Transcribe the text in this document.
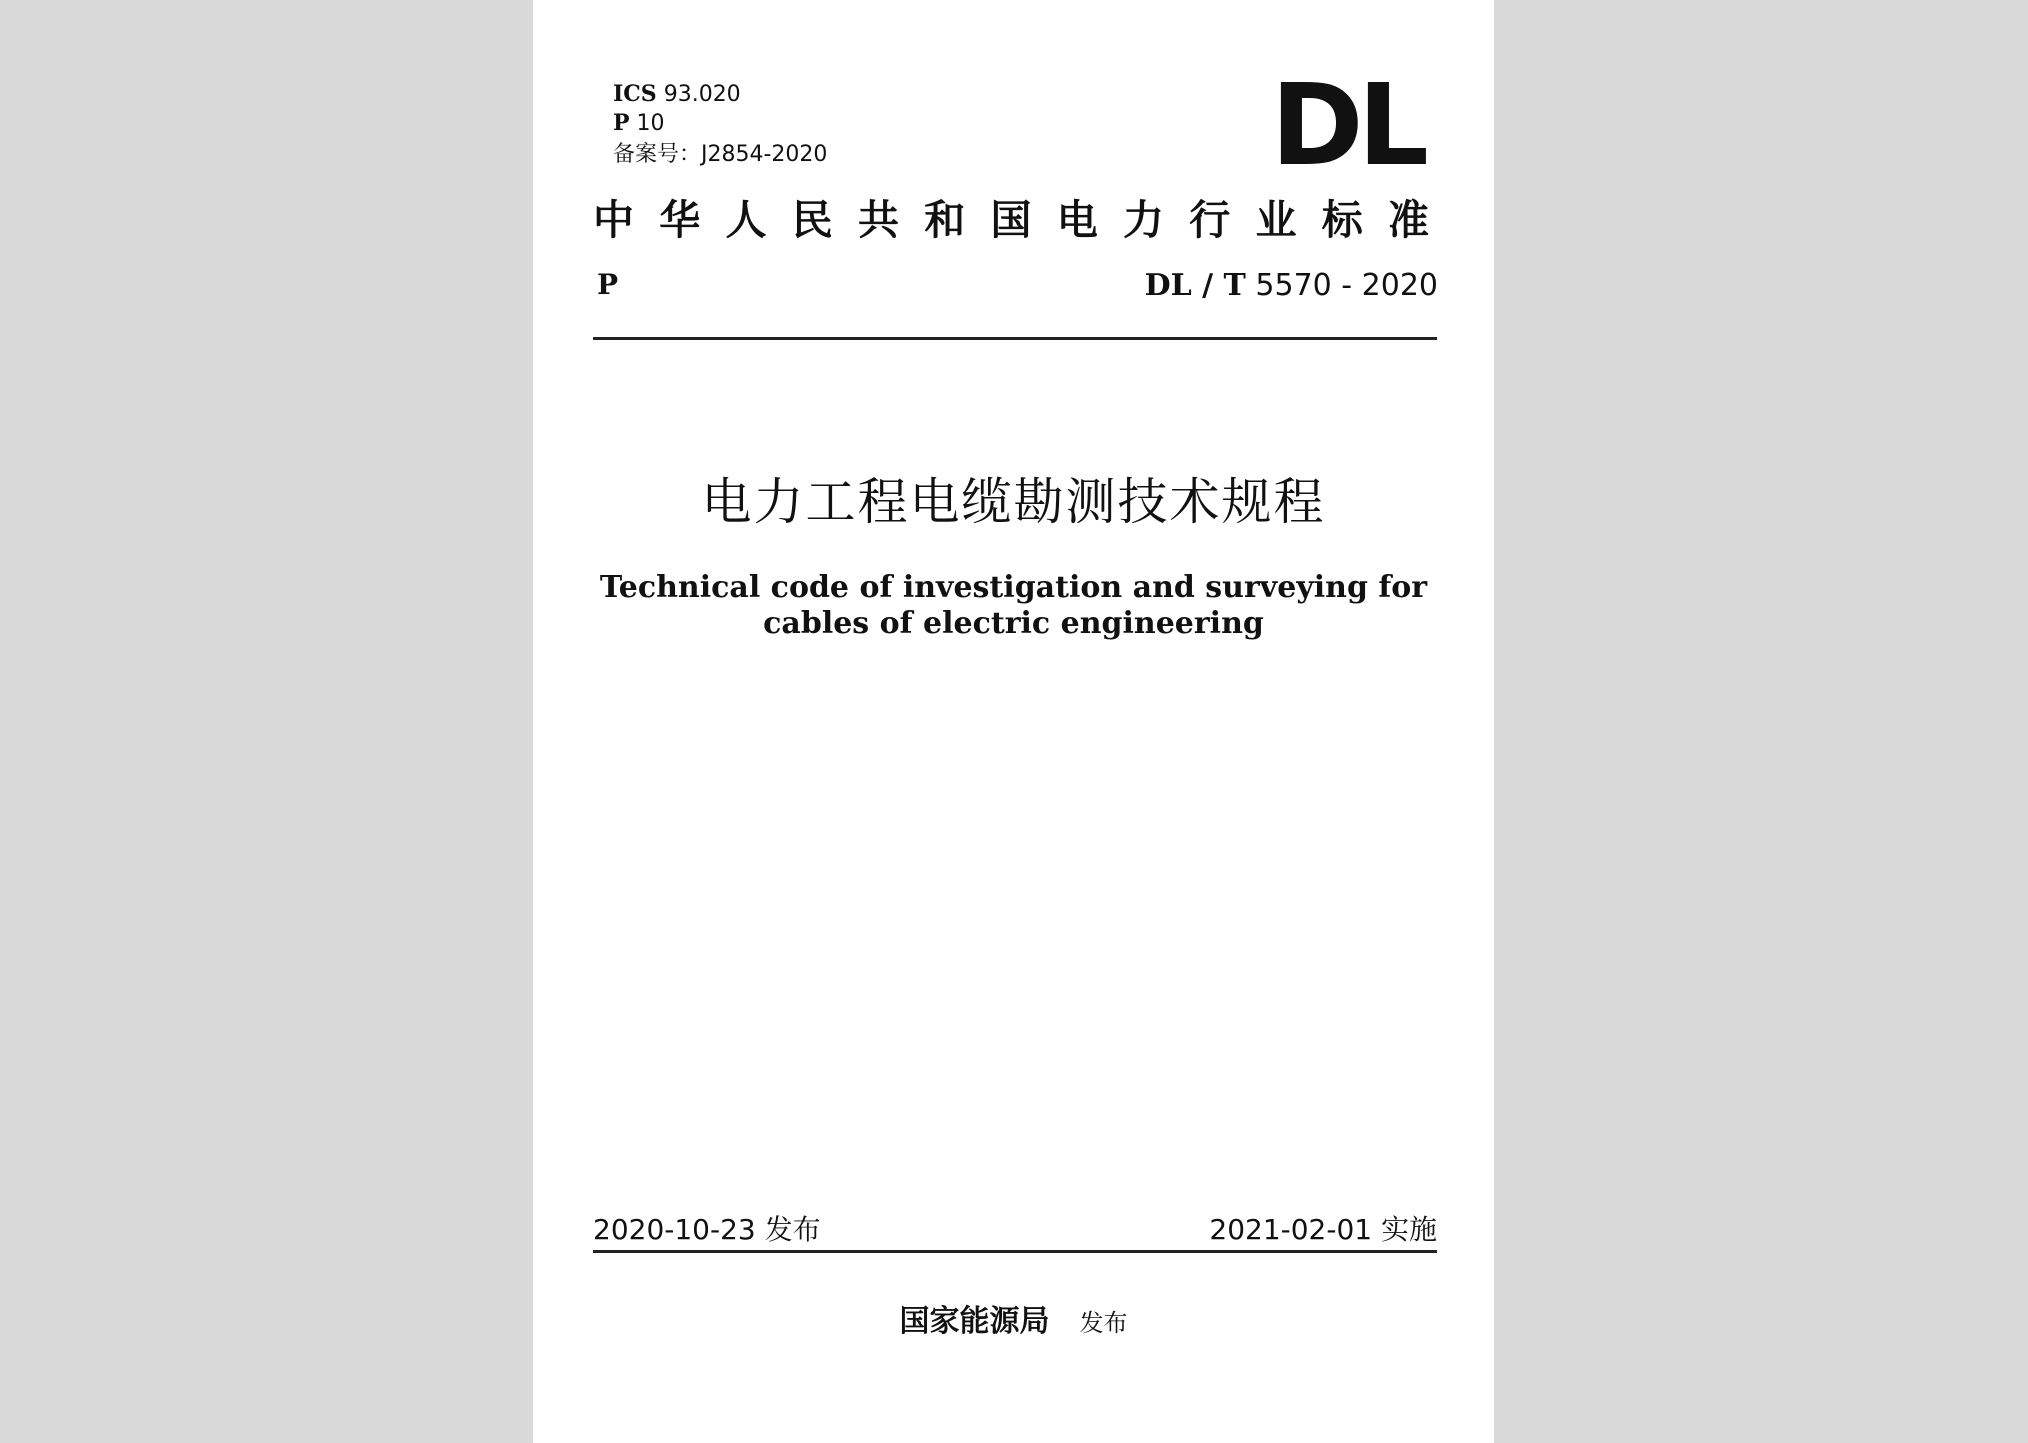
ICS 93.020
P 10
备案号：J2854-2020	DL
中华人民共和国电力行业标准
P	DL / T 5570 - 2020
电力工程电缆勘测技术规程
Technical code of investigation and surveying for
cables of electric engineering
2020-10-23 发布	2021-02-01 实施
国家能源局 发布
